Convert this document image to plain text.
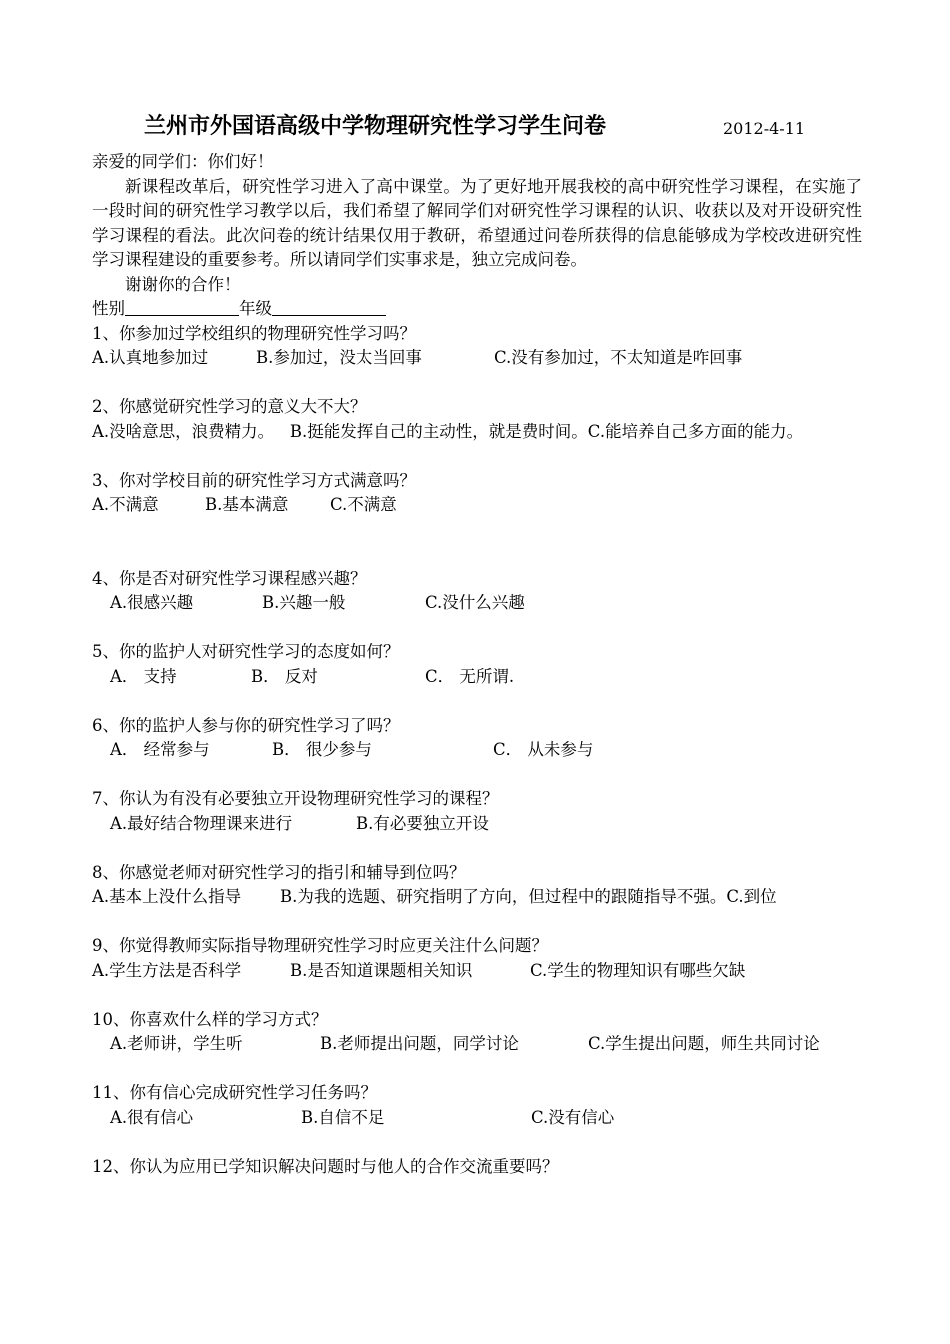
兰州市外国语高级中学物理研究性学习学生问卷	2012-4-11

亲爱的同学们：你们好！

新课程改革后，研究性学习进入了高中课堂。为了更好地开展我校的高中研究性学习课程，在实施了一段时间的研究性学习教学以后，我们希望了解同学们对研究性学习课程的认识、收获以及对开设研究性学习课程的看法。此次问卷的统计结果仅用于教研，希望通过问卷所获得的信息能够成为学校改进研究性学习课程建设的重要参考。所以请同学们实事求是，独立完成问卷。

谢谢你的合作！

性别	年级

1、你参加过学校组织的物理研究性学习吗？
A.认真地参加过	B.参加过，没太当回事	C.没有参加过，不太知道是咋回事
2、你感觉研究性学习的意义大不大？
A.没啥意思，浪费精力。 B.挺能发挥自己的主动性，就是费时间。C.能培养自己多方面的能力。
3、你对学校目前的研究性学习方式满意吗？
A.不满意	B.基本满意	C.不满意
4、你是否对研究性学习课程感兴趣？
A.很感兴趣	B.兴趣一般	C.没什么兴趣
5、你的监护人对研究性学习的态度如何？
A． 支持	B． 反对	C． 无所谓.
6、你的监护人参与你的研究性学习了吗？
A． 经常参与	B． 很少参与	C． 从未参与
7、你认为有没有必要独立开设物理研究性学习的课程？
A.最好结合物理课来进行	B.有必要独立开设
8、你感觉老师对研究性学习的指引和辅导到位吗？
A.基本上没什么指导 B.为我的选题、研究指明了方向，但过程中的跟随指导不强。C.到位
9、你觉得教师实际指导物理研究性学习时应更关注什么问题？
A.学生方法是否科学	B.是否知道课题相关知识	C.学生的物理知识有哪些欠缺
10、你喜欢什么样的学习方式？
A.老师讲，学生听	B.老师提出问题，同学讨论	C.学生提出问题，师生共同讨论
11、你有信心完成研究性学习任务吗？
A.很有信心	B.自信不足	C.没有信心
12、你认为应用已学知识解决问题时与他人的合作交流重要吗？
